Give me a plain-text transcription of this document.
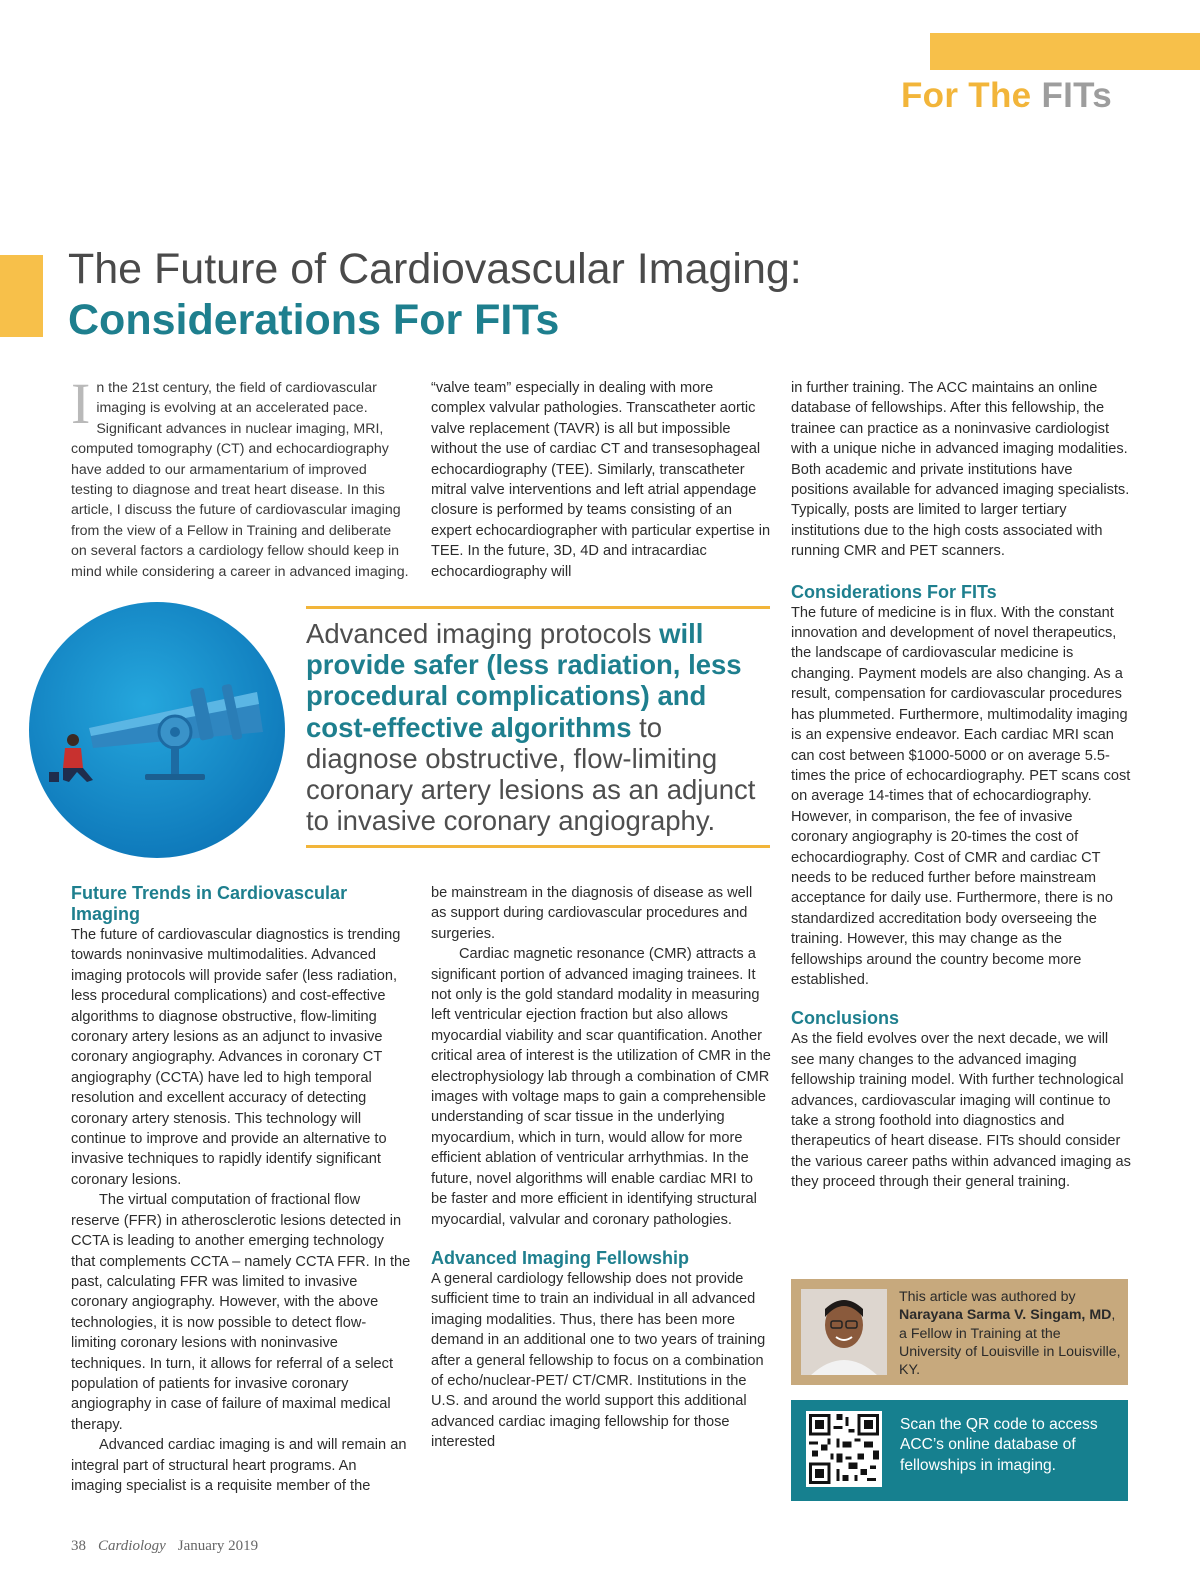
For The FITs
The Future of Cardiovascular Imaging:
Considerations For FITs
In the 21st century, the field of cardiovascular imaging is evolving at an accelerated pace. Significant advances in nuclear imaging, MRI, computed tomography (CT) and echocardiography have added to our armamentarium of improved testing to diagnose and treat heart disease. In this article, I discuss the future of cardiovascular imaging from the view of a Fellow in Training and deliberate on several factors a cardiology fellow should keep in mind while considering a career in advanced imaging.

“valve team” especially in dealing with more complex valvular pathologies. Transcatheter aortic valve replacement (TAVR) is all but impossible without the use of cardiac CT and transesophageal echocardiography (TEE). Similarly, transcatheter mitral valve interventions and left atrial appendage closure is performed by teams consisting of an expert echocardiographer with particular expertise in TEE. In the future, 3D, 4D and intracardiac echocardiography will

in further training. The ACC maintains an online database of fellowships. After this fellowship, the trainee can practice as a noninvasive cardiologist with a unique niche in advanced imaging modalities. Both academic and private institutions have positions available for advanced imaging specialists. Typically, posts are limited to larger tertiary institutions due to the high costs associated with running CMR and PET scanners.

Considerations For FITs

The future of medicine is in flux. With the constant innovation and development of novel therapeutics, the landscape of cardiovascular medicine is changing. Payment models are also changing. As a result, compensation for cardiovascular procedures has plummeted. Furthermore, multimodality imaging is an expensive endeavor. Each cardiac MRI scan can cost between $1000-5000 or on average 5.5-times the price of echocardiography. PET scans cost on average 14-times that of echocardiography. However, in comparison, the fee of invasive coronary angiography is 20-times the cost of echocardiography. Cost of CMR and cardiac CT needs to be reduced further before mainstream acceptance for daily use. Furthermore, there is no standardized accreditation body overseeing the training. However, this may change as the fellowships around the country become more established.

Conclusions

As the field evolves over the next decade, we will see many changes to the advanced imaging fellowship training model. With further technological advances, cardiovascular imaging will continue to take a strong foothold into diagnostics and therapeutics of heart disease. FITs should consider the various career paths within advanced imaging as they proceed through their general training.

Advanced imaging protocols will provide safer (less radiation, less procedural complications) and cost-effective algorithms to diagnose obstructive, flow-limiting coronary artery lesions as an adjunct to invasive coronary angiography.
Future Trends in Cardiovascular Imaging

The future of cardiovascular diagnostics is trending towards noninvasive multimodalities. Advanced imaging protocols will provide safer (less radiation, less procedural complications) and cost-effective algorithms to diagnose obstructive, flow-limiting coronary artery lesions as an adjunct to invasive coronary angiography. Advances in coronary CT angiography (CCTA) have led to high temporal resolution and excellent accuracy of detecting coronary artery stenosis. This technology will continue to improve and provide an alternative to invasive techniques to rapidly identify significant coronary lesions.

The virtual computation of fractional flow reserve (FFR) in atherosclerotic lesions detected in CCTA is leading to another emerging technology that complements CCTA – namely CCTA FFR. In the past, calculating FFR was limited to invasive coronary angiography. However, with the above technologies, it is now possible to detect flow-limiting coronary lesions with noninvasive techniques. In turn, it allows for referral of a select population of patients for invasive coronary angiography in case of failure of maximal medical therapy.

Advanced cardiac imaging is and will remain an integral part of structural heart programs. An imaging specialist is a requisite member of the

be mainstream in the diagnosis of disease as well as support during cardiovascular procedures and surgeries.

Cardiac magnetic resonance (CMR) attracts a significant portion of advanced imaging trainees. It not only is the gold standard modality in measuring left ventricular ejection fraction but also allows myocardial viability and scar quantification. Another critical area of interest is the utilization of CMR in the electrophysiology lab through a combination of CMR images with voltage maps to gain a comprehensible understanding of scar tissue in the underlying myocardium, which in turn, would allow for more efficient ablation of ventricular arrhythmias. In the future, novel algorithms will enable cardiac MRI to be faster and more efficient in identifying structural myocardial, valvular and coronary pathologies.

Advanced Imaging Fellowship

A general cardiology fellowship does not provide sufficient time to train an individual in all advanced imaging modalities. Thus, there has been more demand in an additional one to two years of training after a general fellowship to focus on a combination of echo/nuclear-PET/ CT/CMR. Institutions in the U.S. and around the world support this additional advanced cardiac imaging fellowship for those interested

This article was authored by Narayana Sarma V. Singam, MD, a Fellow in Training at the University of Louisville in Louisville, KY.
Scan the QR code to access ACC’s online database of fellowships in imaging.
38 Cardiology January 2019
